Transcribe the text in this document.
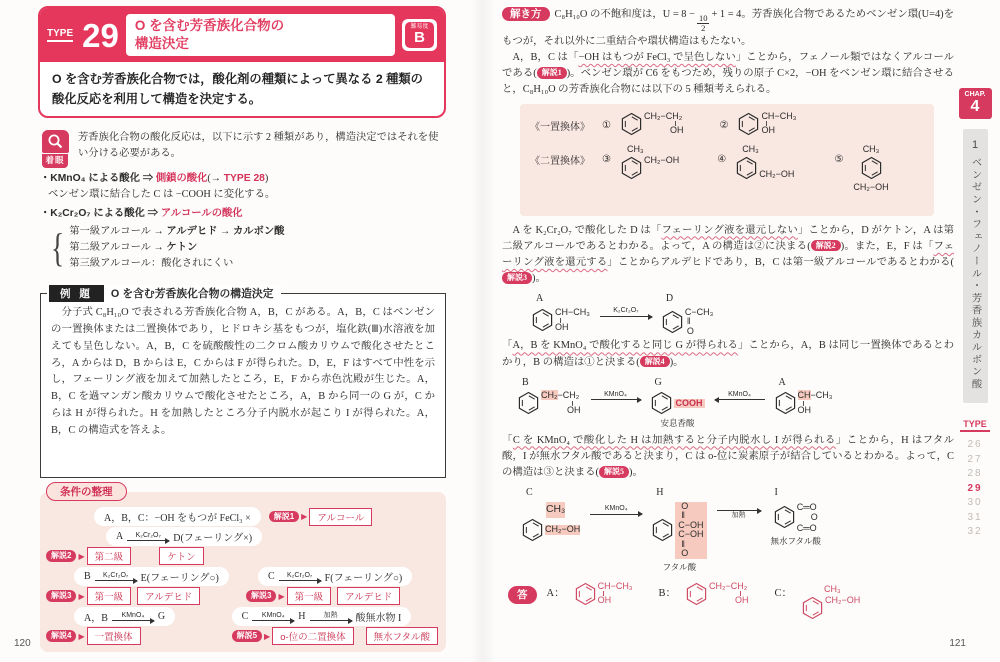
TYPE 29	O を含む芳香族化合物の
構造決定
難易度
B
O を含む芳香族化合物では，酸化剤の種類によって異なる 2 種類の酸化反応を利用して構造を決定する。
着眼

芳香族化合物の酸化反応は，以下に示す 2 種類があり，構造決定ではそれを使い分ける必要がある。

・KMnO₄ による酸化 ⇒ 側鎖の酸化(→ TYPE 28)

ベンゼン環に結合した C は −COOH に変化する。

・K₂Cr₂O₇ による酸化 ⇒ アルコールの酸化

{ 第一級アルコール → アルデヒド → カルボン酸
第二級アルコール → ケトン
第三級アルコール：酸化されにくい
例 題	O を含む芳香族化合物の構造決定

　分子式 C₈H₁₀O で表される芳香族化合物 A，B，C がある。A，B，C はベンゼンの一置換体または二置換体であり，ヒドロキシ基をもつが，塩化鉄(Ⅲ)水溶液を加えても呈色しない。A，B，C を硫酸酸性の二クロム酸カリウムで酸化させたところ，A からは D，B からは E，C からは F が得られた。D，E，F はすべて中性を示し，フェーリング液を加えて加熱したところ，E，F から赤色沈殿が生じた。A，B，C を過マンガン酸カリウムで酸化させたところ，A，B から同一の G が，C からは H が得られた。H を加熱したところ分子内脱水が起こり I が得られた。A，B，C の構造式を答えよ。

条件の整理
A，B，C：−OH をもつが FeCl₃ ×	解説1 ▶	アルコール
A K₂Cr₂O₇ D(フェーリング×)
解説2 ▶	第二級	ケトン
B K₂Cr₂O₇ E(フェーリング○)
解説3 ▶	第一級	アルデヒド
C K₂Cr₂O₇ F(フェーリング○)
解説3 ▶	第一級	アルデヒド
A，B KMnO₄ G
解説4 ▶	一置換体
C KMnO₄ H	加熱 酸無水物 I
解説5 ▶	o-位の二置換体	無水フタル酸

解き方 C₈H₁₀O の不飽和度は，$U = 8 - \frac{10}{2} + 1 = 4$。芳香族化合物であるためベンゼン環(U=4)をもつが，それ以外に二重結合や環状構造はもたない。

　A，B，C は「−OH はもつが FeCl₃ で呈色しない」ことから，フェノール類ではなくアルコールである( 解説1 )。ベンゼン環が C6 をもつため，残りの原子 C×2，−OH をベンゼン環に結合させると，C₈H₁₀O の芳香族化合物には以下の 5 種類考えられる。

《一置換体》 ①
CH₂−CH₂
OH	②
CH−CH₃
OH
《二置換体》 ③
CH₃
CH₂−OH	④
CH₃
CH₂−OH
⑤
CH₃
CH₂−OH

　A を K₂Cr₂O₇ で酸化した D は「フェーリング液を還元しない」ことから，D がケトン，A は第二級アルコールであるとわかる。よって，A の構造は②に決まる( 解説2 )。また，E，F は「フェーリング液を還元する」ことからアルデヒドであり，B，C は第一級アルコールであるとわかる(解説3 )。

A
CH−CH₃
OH
K₂Cr₂O₇
D
C−CH₃
‖
O

「A，B を KMnO₄ で酸化すると同じ G が得られる」ことから，A，B は同じ一置換体であるとわかり，B の構造は①と決まる( 解説4 )。

B
CH₂−CH₂
OH
KMnO₄
G
COOH
安息香酸
KMnO₄
A
CH−CH₃
OH

「C を KMnO₄ で酸化した H は加熱すると分子内脱水し I が得られる」ことから，H はフタル酸，I が無水フタル酸であると決まり，C は o-位に炭素原子が結合しているとわかる。よって，C の構造は③と決まる( 解説5 )。

C
CH₃
CH₂−OH
KMnO₄
H
O
‖
C−OH
C−OH
‖
O
フタル酸
加熱
I
C═O
O
C═O
無水フタル酸
答	A：
CH−CH₃
OH
B：
CH₂−CH₂
OH
C：	CH₃
CH₂−OH
CHAP.
4
1
ベンゼン・フェノール・芳香族カルボン酸
TYPE
26
27
28
29
30
31
32
120	121
